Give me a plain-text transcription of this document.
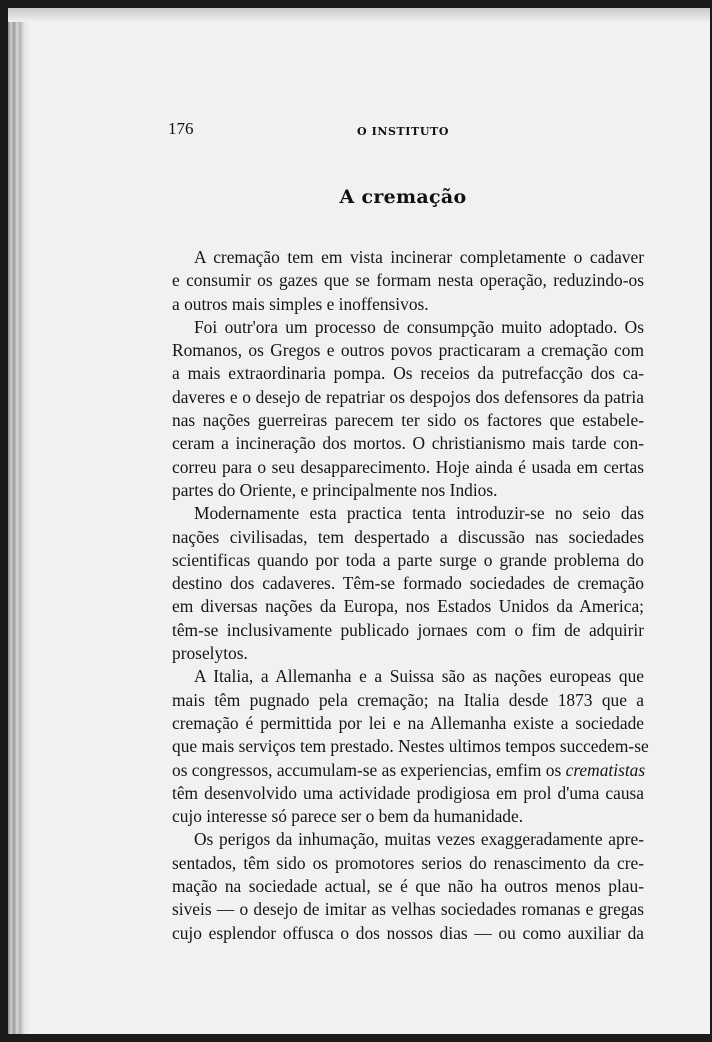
176	O INSTITUTO
A cremação
A cremação tem em vista incinerar completamente o cadaver
e consumir os gazes que se formam nesta operação, reduzindo-os
a outros mais simples e inoffensivos.
Foi outr'ora um processo de consumpção muito adoptado. Os
Romanos, os Gregos e outros povos practicaram a cremação com
a mais extraordinaria pompa. Os receios da putrefacção dos ca-
daveres e o desejo de repatriar os despojos dos defensores da patria
nas nações guerreiras parecem ter sido os factores que estabele-
ceram a incineração dos mortos. O christianismo mais tarde con-
correu para o seu desapparecimento. Hoje ainda é usada em certas
partes do Oriente, e principalmente nos Indios.
Modernamente esta practica tenta introduzir-se no seio das
nações civilisadas, tem despertado a discussão nas sociedades
scientificas quando por toda a parte surge o grande problema do
destino dos cadaveres. Têm-se formado sociedades de cremação
em diversas nações da Europa, nos Estados Unidos da America;
têm-se inclusivamente publicado jornaes com o fim de adquirir
proselytos.
A Italia, a Allemanha e a Suissa são as nações europeas que
mais têm pugnado pela cremação; na Italia desde 1873 que a
cremação é permittida por lei e na Allemanha existe a sociedade
que mais serviços tem prestado. Nestes ultimos tempos succedem-se
os congressos, accumulam-se as experiencias, emfim os crematistas
têm desenvolvido uma actividade prodigiosa em prol d'uma causa
cujo interesse só parece ser o bem da humanidade.
Os perigos da inhumação, muitas vezes exaggeradamente apre-
sentados, têm sido os promotores serios do renascimento da cre-
mação na sociedade actual, se é que não ha outros menos plau-
siveis — o desejo de imitar as velhas sociedades romanas e gregas
cujo esplendor offusca o dos nossos dias — ou como auxiliar da
